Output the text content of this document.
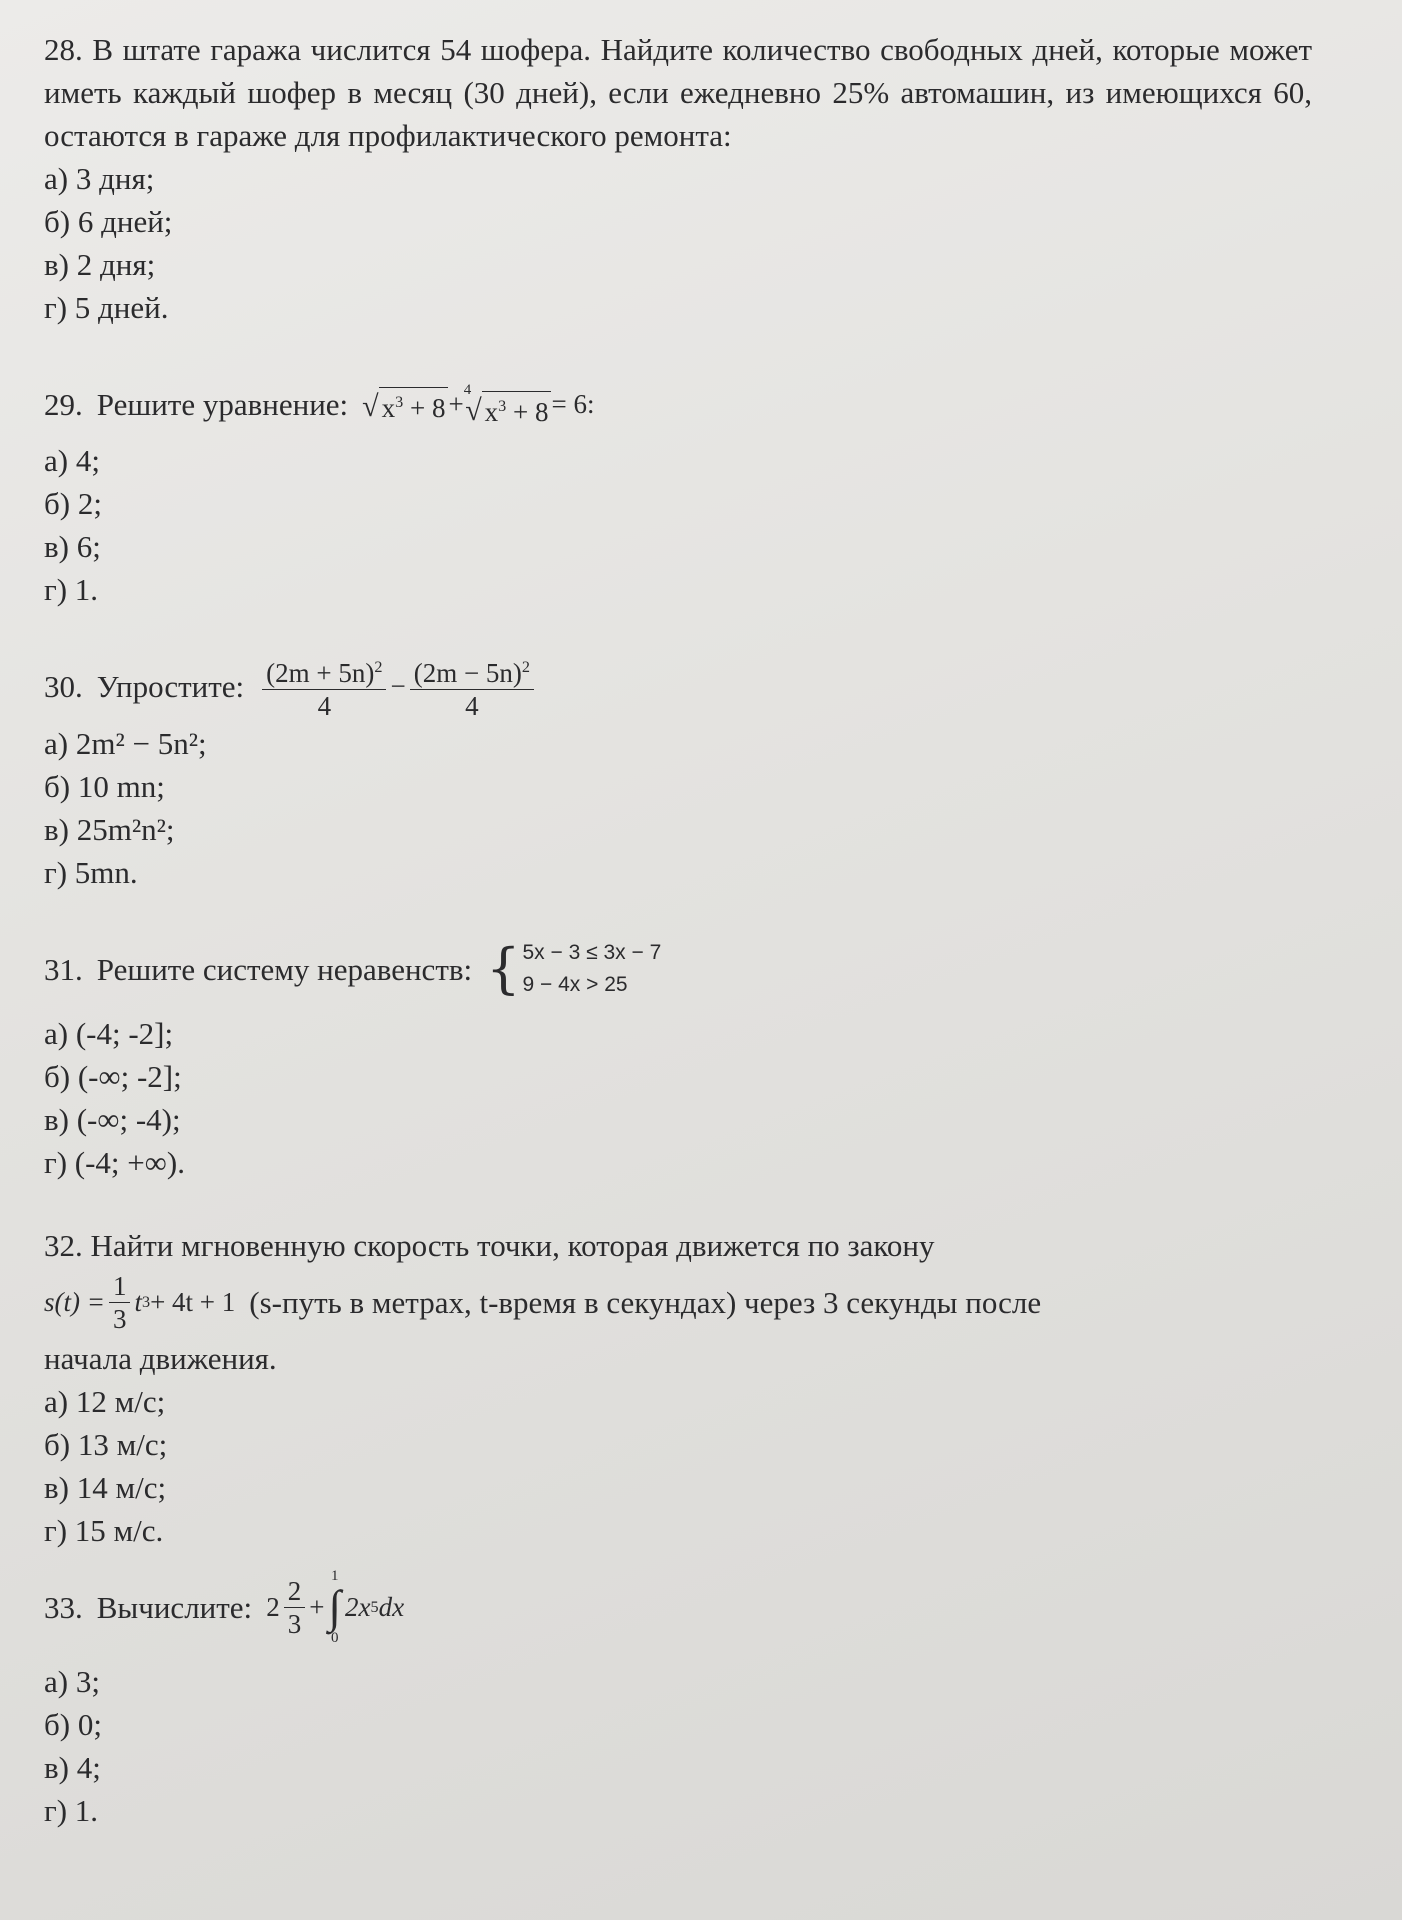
28. В штате гаража числится 54 шофера. Найдите количество свободных дней, которые может иметь каждый шофер в месяц (30 дней), если ежедневно 25% автомашин, из имеющихся 60, остаются в гараже для профилактического ремонта:

а) 3 дня;
б) 6 дней;
в) 2 дня;
г) 5 дней.
29. Решите уравнение: √ $x^3 + 8 + 4$
√ $x^3 + 8 = 6$ :
а) 4;
б) 2;
в) 6;
г) 1.
30. Упростите: $\frac{(2m + 5n)^2}{4} - \frac{(2m - 5n)^2}{4}$
а) 2m² − 5n²;
б) 10 mn;
в) 25m²n²;
г) 5mn.
31. Решите систему неравенств: { 5x − 3 ≤ 3x − 7
9 − 4x > 25
а) (-4; -2];
б) (-∞; -2];
в) (-∞; -4);
г) (-4; +∞).

32. Найти мгновенную скорость точки, которая движется по закону

$s(t) = \frac{1}{3}$ t 3 + 4t + 1 (s-путь в метрах, t-время в секундах) через 3 секунды после

начала движения.

а) 12 м/с;
б) 13 м/с;
в) 14 м/с;
г) 15 м/с.
33. Вычислите: $2 \frac{2}{3}$ +
1
∫
0
2x 5 dx
а) 3;
б) 0;
в) 4;
г) 1.
